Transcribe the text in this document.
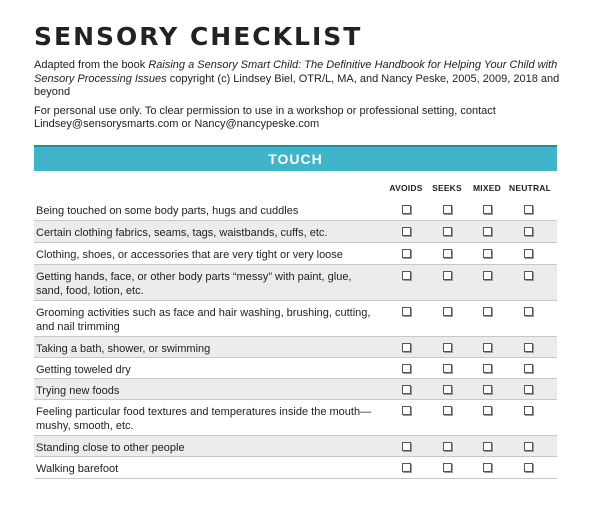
SENSORY CHECKLIST

Adapted from the book Raising a Sensory Smart Child: The Definitive Handbook for Helping Your Child with Sensory Processing Issues copyright (c) Lindsey Biel, OTR/L, MA, and Nancy Peske, 2005, 2009, 2018 and beyond

For personal use only. To clear permission to use in a workshop or professional setting, contact Lindsey@sensorysmarts.com or Nancy@nancypeske.com

TOUCH
AVOIDS	SEEKS	MIXED NEUTRAL
Being touched on some body parts, hugs and cuddles
Certain clothing fabrics, seams, tags, waistbands, cuffs, etc.
Clothing, shoes, or accessories that are very tight or very loose
Getting hands, face, or other body parts “messy” with paint, glue, sand, food, lotion, etc.
Grooming activities such as face and hair washing, brushing, cutting, and nail trimming
Taking a bath, shower, or swimming
Getting toweled dry
Trying new foods
Feeling particular food textures and temperatures inside the mouth—mushy, smooth, etc.
Standing close to other people
Walking barefoot
